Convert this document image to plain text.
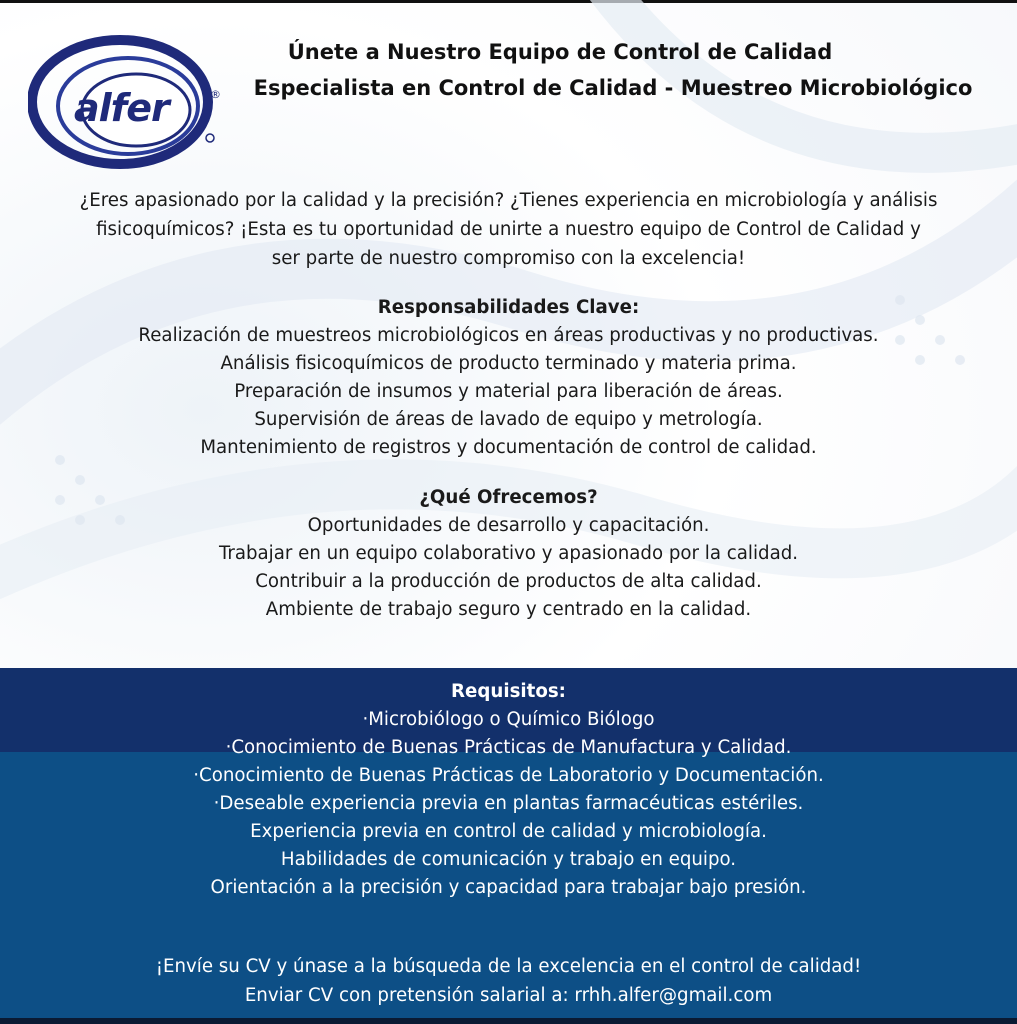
alfer	®
Únete a Nuestro Equipo de Control de Calidad
Especialista en Control de Calidad - Muestreo Microbiológico
¿Eres apasionado por la calidad y la precisión? ¿Tienes experiencia en microbiología y análisis
fisicoquímicos? ¡Esta es tu oportunidad de unirte a nuestro equipo de Control de Calidad y
ser parte de nuestro compromiso con la excelencia!
Responsabilidades Clave:
Realización de muestreos microbiológicos en áreas productivas y no productivas.
Análisis fisicoquímicos de producto terminado y materia prima.
Preparación de insumos y material para liberación de áreas.
Supervisión de áreas de lavado de equipo y metrología.
Mantenimiento de registros y documentación de control de calidad.
¿Qué Ofrecemos?
Oportunidades de desarrollo y capacitación.
Trabajar en un equipo colaborativo y apasionado por la calidad.
Contribuir a la producción de productos de alta calidad.
Ambiente de trabajo seguro y centrado en la calidad.
Requisitos:
·Microbiólogo o Químico Biólogo
·Conocimiento de Buenas Prácticas de Manufactura y Calidad.
·Conocimiento de Buenas Prácticas de Laboratorio y Documentación.
·Deseable experiencia previa en plantas farmacéuticas estériles.
Experiencia previa en control de calidad y microbiología.
Habilidades de comunicación y trabajo en equipo.
Orientación a la precisión y capacidad para trabajar bajo presión.
¡Envíe su CV y únase a la búsqueda de la excelencia en el control de calidad!
Enviar CV con pretensión salarial a: rrhh.alfer@gmail.com
